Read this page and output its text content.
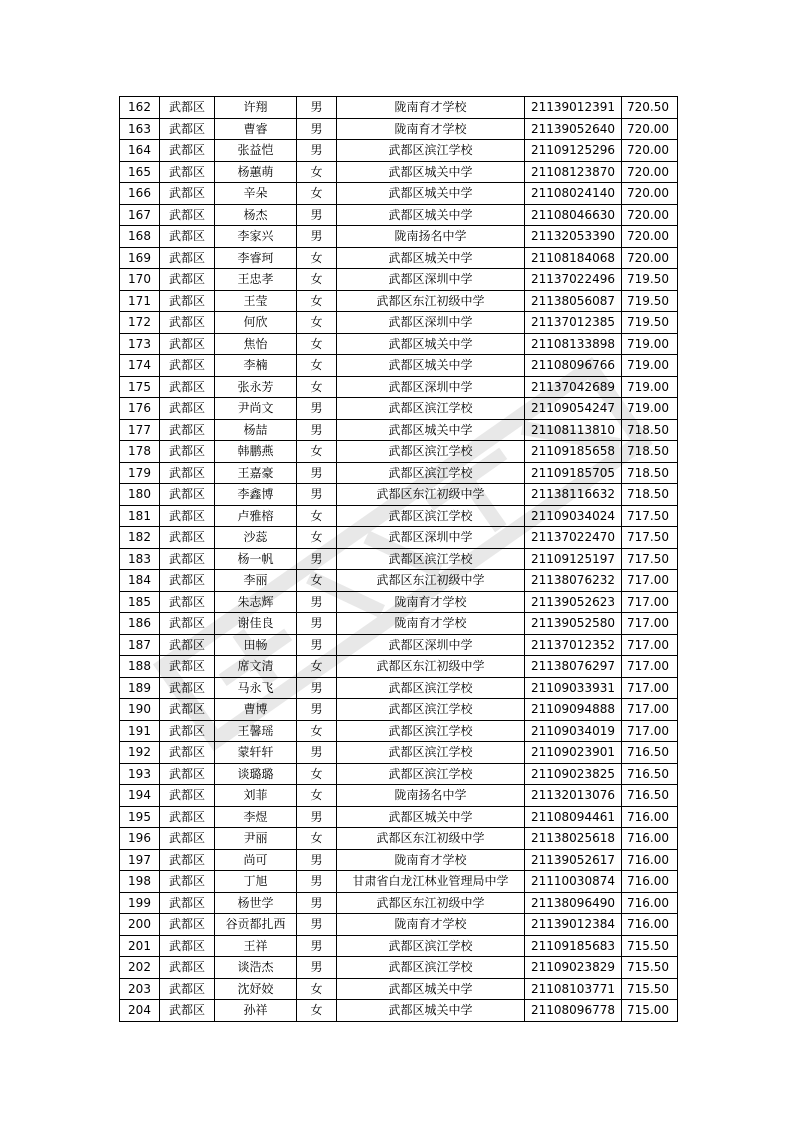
162	武都区	许翔	男	陇南育才学校	21139012391	720.50
163	武都区	曹睿	男	陇南育才学校	21139052640	720.00
164	武都区	张益恺	男	武都区滨江学校	21109125296	720.00
165	武都区	杨蕙萌	女	武都区城关中学	21108123870	720.00
166	武都区	辛朵	女	武都区城关中学	21108024140	720.00
167	武都区	杨杰	男	武都区城关中学	21108046630	720.00
168	武都区	李家兴	男	陇南扬名中学	21132053390	720.00
169	武都区	李睿珂	女	武都区城关中学	21108184068	720.00
170	武都区	王忠孝	女	武都区深圳中学	21137022496	719.50
171	武都区	王莹	女	武都区东江初级中学	21138056087	719.50
172	武都区	何欣	女	武都区深圳中学	21137012385	719.50
173	武都区	焦怡	女	武都区城关中学	21108133898	719.00
174	武都区	李楠	女	武都区城关中学	21108096766	719.00
175	武都区	张永芳	女	武都区深圳中学	21137042689	719.00
176	武都区	尹尚文	男	武都区滨江学校	21109054247	719.00
177	武都区	杨喆	男	武都区城关中学	21108113810	718.50
178	武都区	韩鹏燕	女	武都区滨江学校	21109185658	718.50
179	武都区	王嘉豪	男	武都区滨江学校	21109185705	718.50
180	武都区	李鑫博	男	武都区东江初级中学	21138116632	718.50
181	武都区	卢雅榕	女	武都区滨江学校	21109034024	717.50
182	武都区	沙蕊	女	武都区深圳中学	21137022470	717.50
183	武都区	杨一帆	男	武都区滨江学校	21109125197	717.50
184	武都区	李丽	女	武都区东江初级中学	21138076232	717.00
185	武都区	朱志辉	男	陇南育才学校	21139052623	717.00
186	武都区	谢佳良	男	陇南育才学校	21139052580	717.00
187	武都区	田畅	男	武都区深圳中学	21137012352	717.00
188	武都区	席文清	女	武都区东江初级中学	21138076297	717.00
189	武都区	马永飞	男	武都区滨江学校	21109033931	717.00
190	武都区	曹博	男	武都区滨江学校	21109094888	717.00
191	武都区	王馨瑶	女	武都区滨江学校	21109034019	717.00
192	武都区	蒙轩轩	男	武都区滨江学校	21109023901	716.50
193	武都区	谈璐璐	女	武都区滨江学校	21109023825	716.50
194	武都区	刘菲	女	陇南扬名中学	21132013076	716.50
195	武都区	李煜	男	武都区城关中学	21108094461	716.00
196	武都区	尹丽	女	武都区东江初级中学	21138025618	716.00
197	武都区	尚可	男	陇南育才学校	21139052617	716.00
198	武都区	丁旭	男	甘肃省白龙江林业管理局中学	21110030874	716.00
199	武都区	杨世学	男	武都区东江初级中学	21138096490	716.00
200	武都区	谷贡都扎西	男	陇南育才学校	21139012384	716.00
201	武都区	王祥	男	武都区滨江学校	21109185683	715.50
202	武都区	谈浩杰	男	武都区滨江学校	21109023829	715.50
203	武都区	沈妤姣	女	武都区城关中学	21108103771	715.50
204	武都区	孙祥	女	武都区城关中学	21108096778	715.00
